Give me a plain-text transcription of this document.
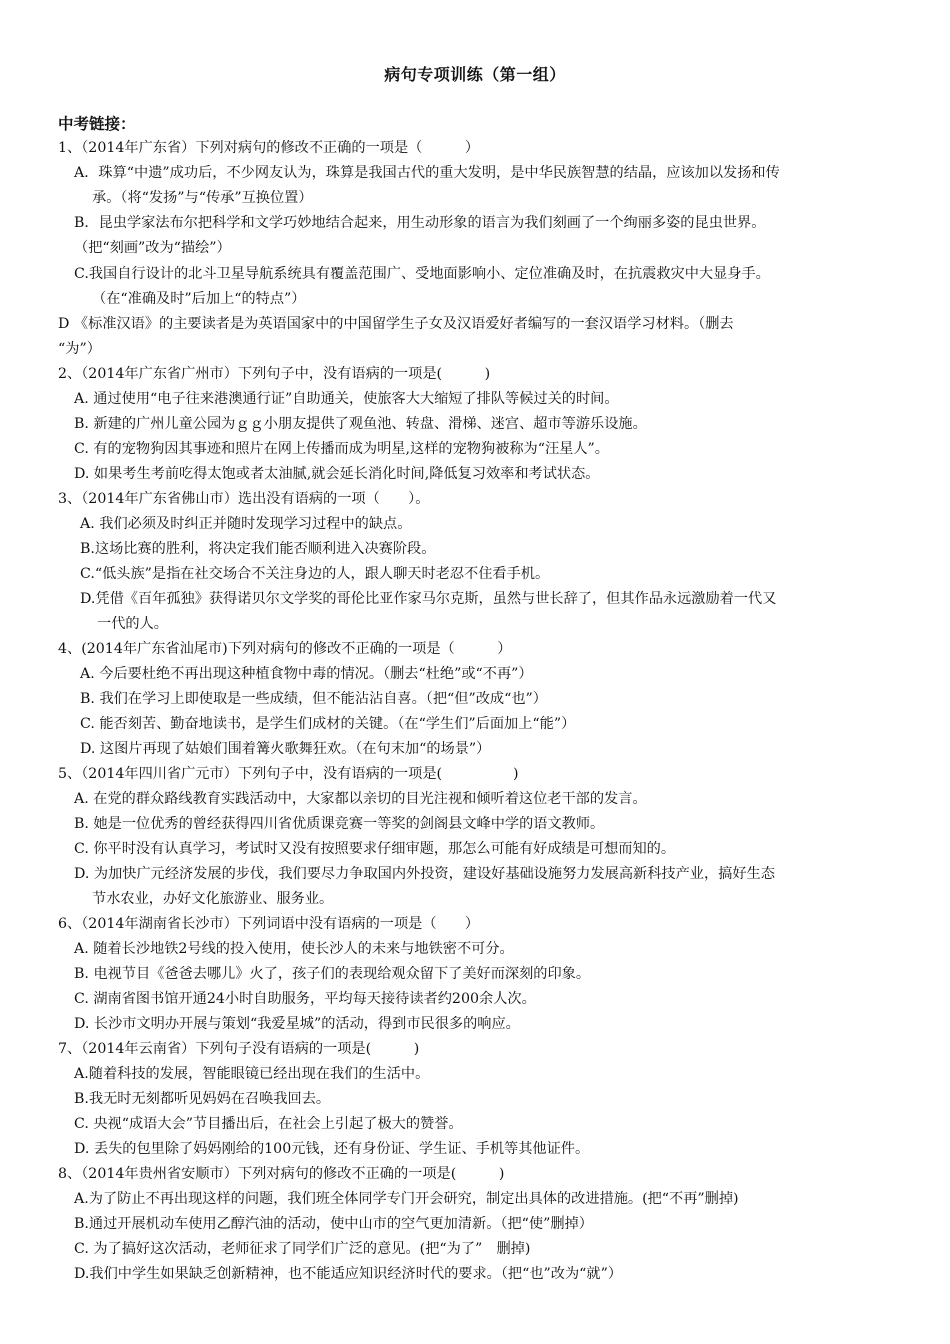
病句专项训练（第一组）
中考链接：
1、（2014年广东省）下列对病句的修改不正确的一项是（　　　）
A．珠算“中遗”成功后，不少网友认为，珠算是我国古代的重大发明，是中华民族智慧的结晶，应该加以发扬和传
承。（将“发扬”与“传承”互换位置）
B．昆虫学家法布尔把科学和文学巧妙地结合起来，用生动形象的语言为我们刻画了一个绚丽多姿的昆虫世界。
（把“刻画”改为“描绘”）
C.我国自行设计的北斗卫星导航系统具有覆盖范围广、受地面影响小、定位准确及时，在抗震救灾中大显身手。
（在“准确及时”后加上“的特点”）
D 《标准汉语》的主要读者是为英语国家中的中国留学生子女及汉语爱好者编写的一套汉语学习材料。（删去
“为”）
2、（2014年广东省广州市）下列句子中，没有语病的一项是(　　　)
A. 通过使用“电子往来港澳通行证”自助通关，使旅客大大缩短了排队等候过关的时间。
B. 新建的广州儿童公园为ｇｇ小朋友提供了观鱼池、转盘、滑梯、迷宫、超市等游乐设施。
C. 有的宠物狗因其事迹和照片在网上传播而成为明星,这样的宠物狗被称为“汪星人”。
D. 如果考生考前吃得太饱或者太油腻,就会延长消化时间,降低复习效率和考试状态。
3、（2014年广东省佛山市）选出没有语病的一项（　　）。
A. 我们必须及时纠正并随时发现学习过程中的缺点。
B.这场比赛的胜利，将决定我们能否顺利进入决赛阶段。
C.“低头族”是指在社交场合不关注身边的人，跟人聊天时老忍不住看手机。
D.凭借《百年孤独》获得诺贝尔文学奖的哥伦比亚作家马尔克斯，虽然与世长辞了，但其作品永远激励着一代又
一代的人。
4、(2014年广东省汕尾市)下列对病句的修改不正确的一项是（　　　）
A. 今后要杜绝不再出现这种植食物中毒的情况。（删去“杜绝”或“不再”）
B. 我们在学习上即使取是一些成绩，但不能沾沾自喜。（把“但”改成“也”）
C. 能否刻苦、勤奋地读书，是学生们成材的关键。（在“学生们”后面加上“能”）
D. 这图片再现了姑娘们围着篝火歌舞狂欢。（在句末加“的场景”）
5、（2014年四川省广元市）下列句子中，没有语病的一项是(　　　　　)
A. 在党的群众路线教育实践活动中，大家都以亲切的目光注视和倾听着这位老干部的发言。
B. 她是一位优秀的曾经获得四川省优质课竞赛一等奖的剑阁县文峰中学的语文教师。
C. 你平时没有认真学习，考试时又没有按照要求仔细审题，那怎么可能有好成绩是可想而知的。
D. 为加快广元经济发展的步伐，我们要尽力争取国内外投资，建设好基础设施努力发展高新科技产业，搞好生态
节水农业，办好文化旅游业、服务业。
6、（2014年湖南省长沙市）下列词语中没有语病的一项是（　　）
A. 随着长沙地铁2号线的投入使用，使长沙人的未来与地铁密不可分。
B. 电视节目《爸爸去哪儿》火了，孩子们的表现给观众留下了美好而深刻的印象。
C. 湖南省图书馆开通24小时自助服务，平均每天接待读者约200余人次。
D. 长沙市文明办开展与策划“我爱星城”的活动，得到市民很多的响应。
7、（2014年云南省）下列句子没有语病的一项是(　　　)
A.随着科技的发展，智能眼镜已经出现在我们的生活中。
B.我无时无刻都听见妈妈在召唤我回去。
C. 央视“成语大会”节目播出后，在社会上引起了极大的赞誉。
D. 丢失的包里除了妈妈刚给的100元钱，还有身份证、学生证、手机等其他证件。
8、（2014年贵州省安顺市）下列对病句的修改不正确的一项是(　　　)
A.为了防止不再出现这样的问题，我们班全体同学专门开会研究，制定出具体的改进措施。(把“不再”删掉)
B.通过开展机动车使用乙醇汽油的活动，使中山市的空气更加清新。（把“使”删掉）
C. 为了搞好这次活动，老师征求了同学们广泛的意见。(把“为了”　删掉)
D.我们中学生如果缺乏创新精神，也不能适应知识经济时代的要求。（把“也”改为“就”）
